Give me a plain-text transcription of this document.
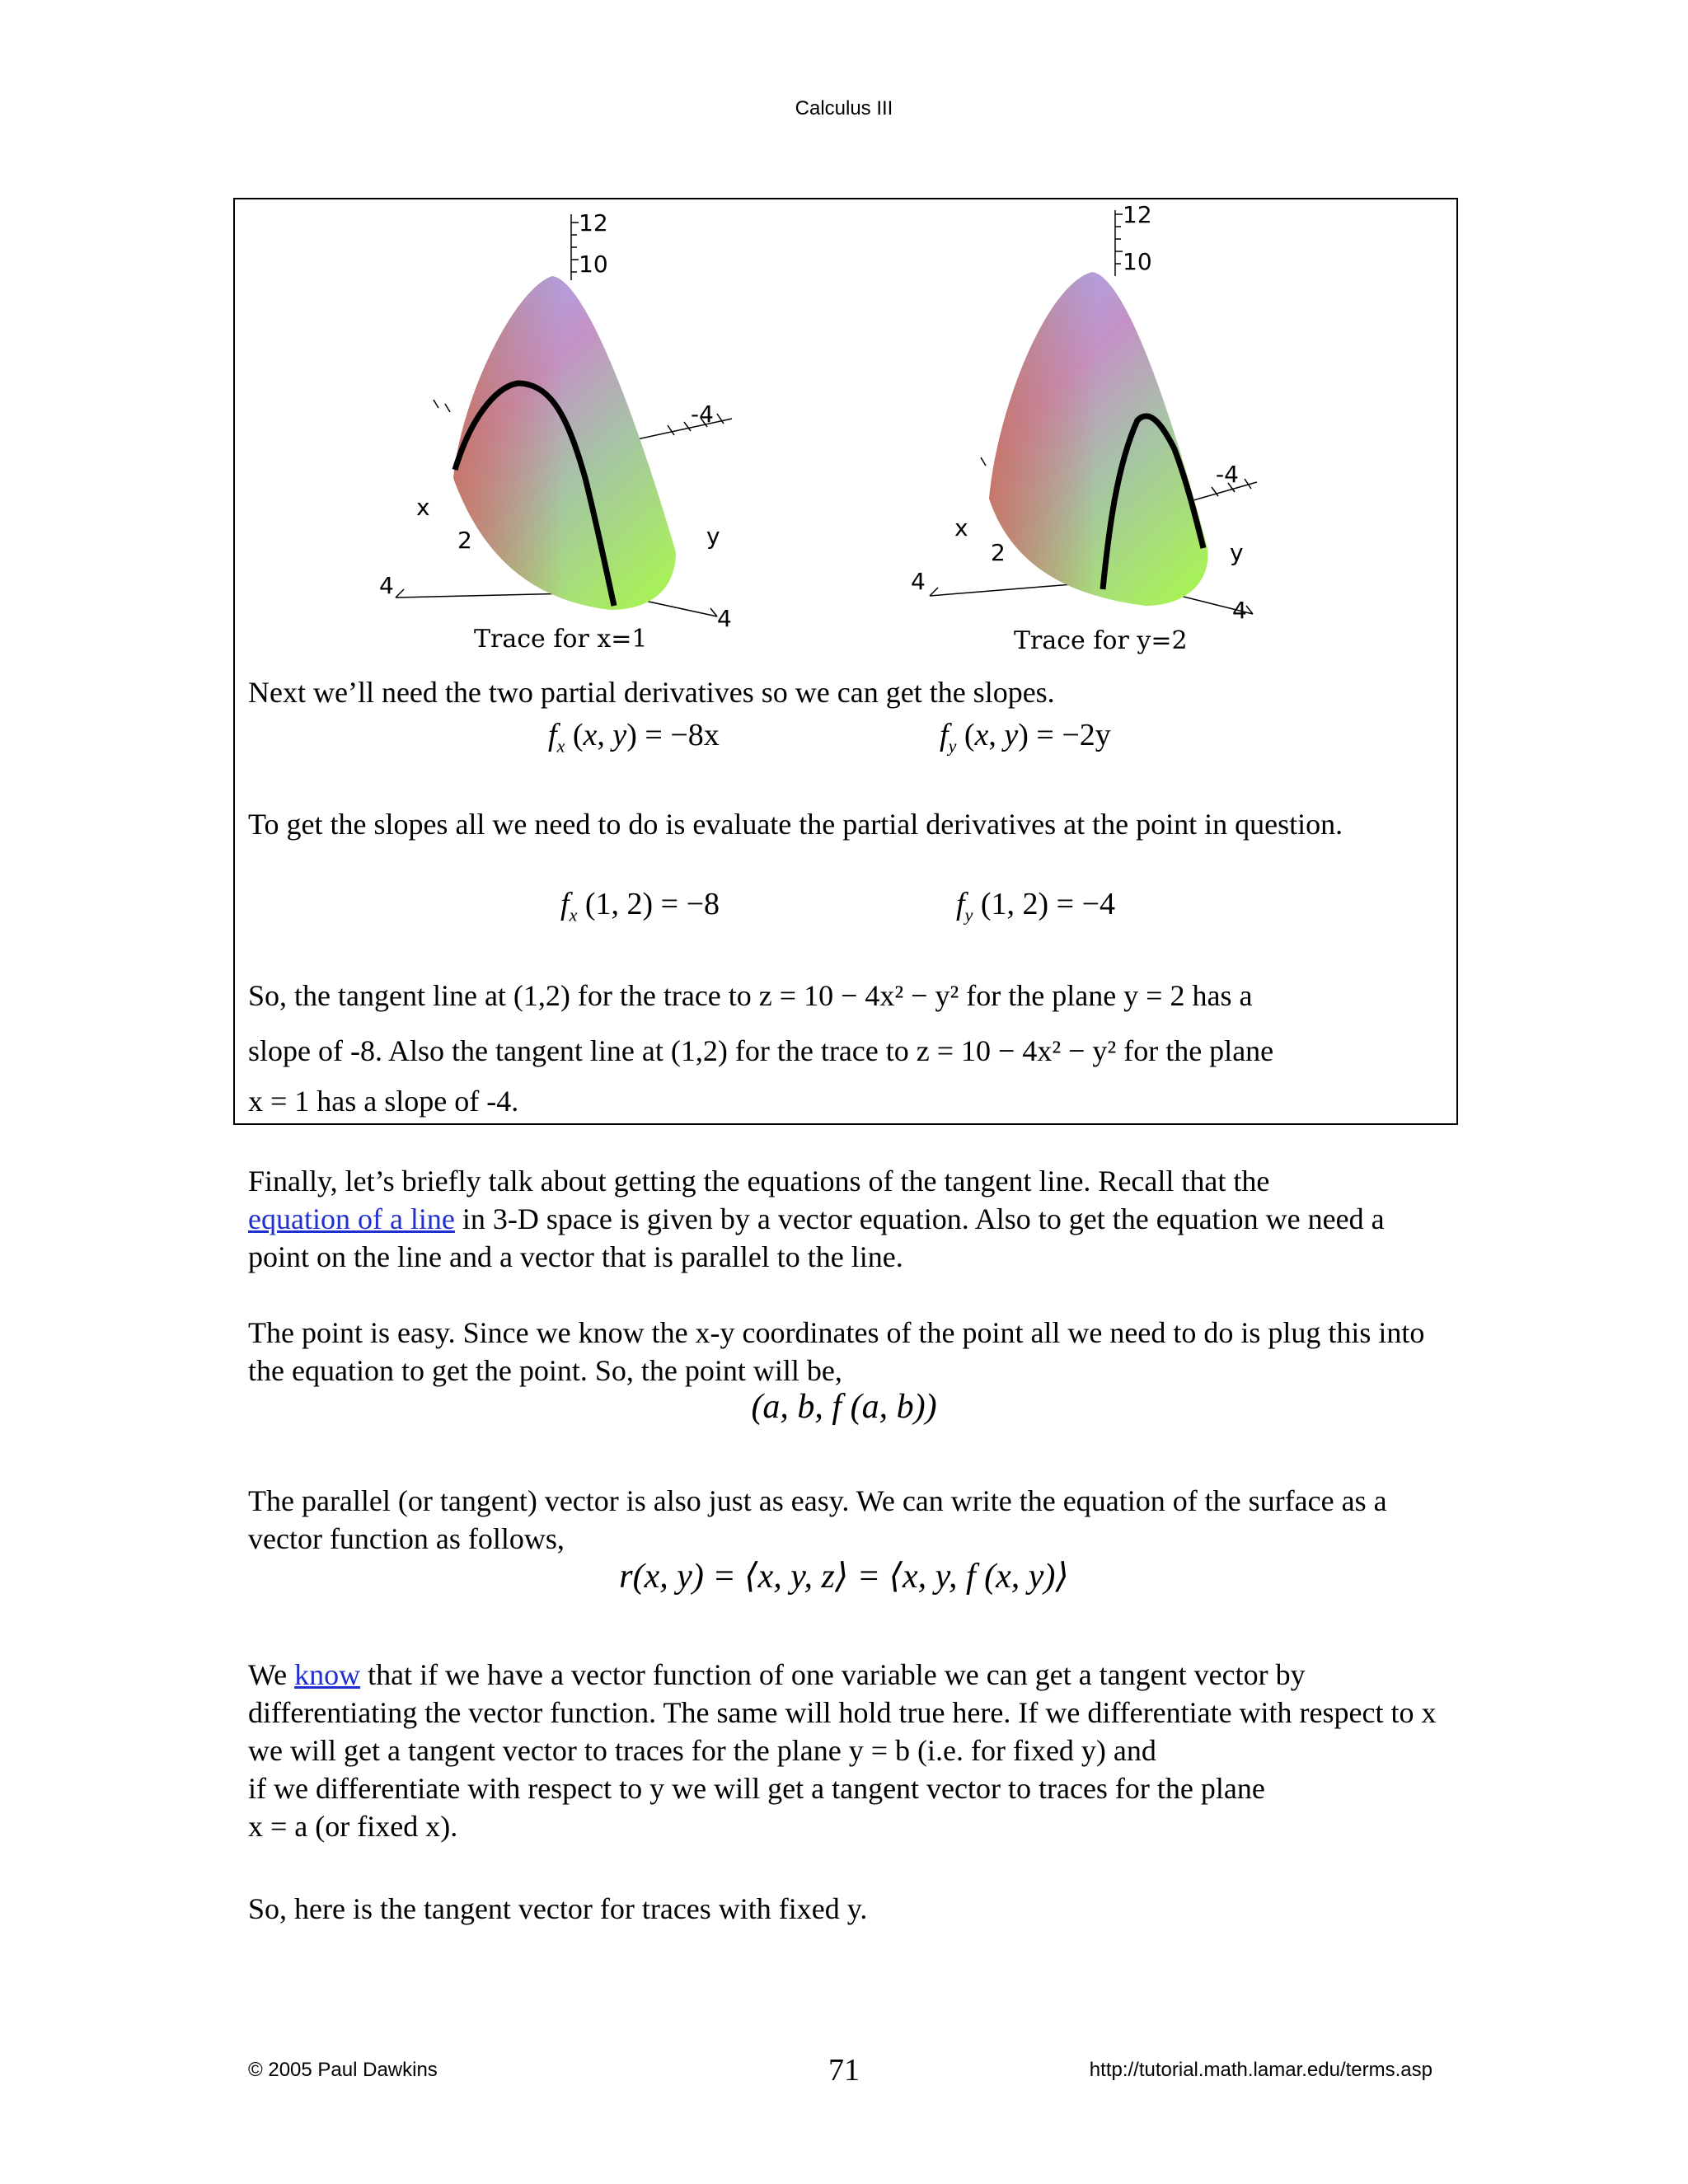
Calculus III
12
10
-4
x
2	y
4
4
Trace for x=1
12
10
-4
x
2	y
4
4
Trace for y=2

Next we’ll need the two partial derivatives so we can get the slopes.

$f_x$ (x, y) = −8x	$f_y$ (x, y) = −2y

To get the slopes all we need to do is evaluate the partial derivatives at the point in question.

$f_x$ (1, 2) = −8	$f_y$ (1, 2) = −4

So, the tangent line at (1,2) for the trace to z = 10 − 4x² − y² for the plane y = 2 has a

slope of -8. Also the tangent line at (1,2) for the trace to z = 10 − 4x² − y² for the plane

x = 1 has a slope of -4.

Finally, let’s briefly talk about getting the equations of the tangent line. Recall that the
equation of a line in 3-D space is given by a vector equation. Also to get the equation we need a point on the line and a vector that is parallel to the line.

The point is easy. Since we know the x-y coordinates of the point all we need to do is plug this into the equation to get the point. So, the point will be,

(a, b, f (a, b))

The parallel (or tangent) vector is also just as easy. We can write the equation of the surface as a vector function as follows,

r(x, y) = ⟨x, y, z⟩ = ⟨x, y, f (x, y)⟩

We know that if we have a vector function of one variable we can get a tangent vector by differentiating the vector function. The same will hold true here. If we differentiate with respect to x we will get a tangent vector to traces for the plane y = b (i.e. for fixed y) and

if we differentiate with respect to y we will get a tangent vector to traces for the plane

x = a (or fixed x).

So, here is the tangent vector for traces with fixed y.

© 2005 Paul Dawkins	71	http://tutorial.math.lamar.edu/terms.asp
